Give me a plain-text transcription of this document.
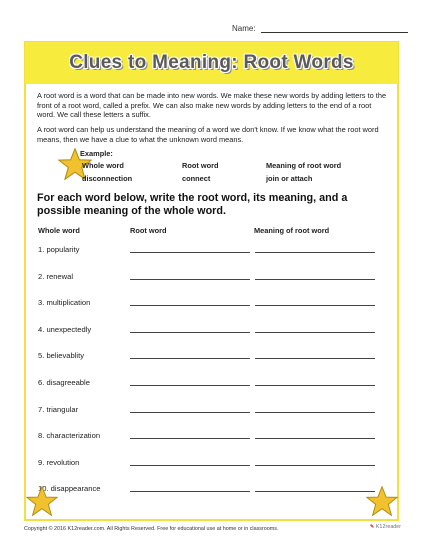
Name:
Clues to Meaning: Root Words

A root word is a word that can be made into new words. We make these new words by adding letters to the front of a root word, called a prefix. We can also make new words by adding letters to the end of a root word. We call these letters a suffix.

A root word can help us understand the meaning of a word we don't know. If we know what the root word means, then we have a clue to what the unknown word means.

Example:
Whole word	Root word	Meaning of root word
disconnection	connect	join or attach

For each word below, write the root word, its meaning, and a possible meaning of the whole word.

Whole word	Root word	Meaning of root word
1. popularity
2. renewal
3. multiplication
4. unexpectedly
5. believablity
6. disagreeable
7. triangular
8. characterization
9. revolution
10. disappearance
Copyright © 2016 K12reader.com. All Rights Reserved. Free for educational use at home or in classrooms.	✎ K12reader
